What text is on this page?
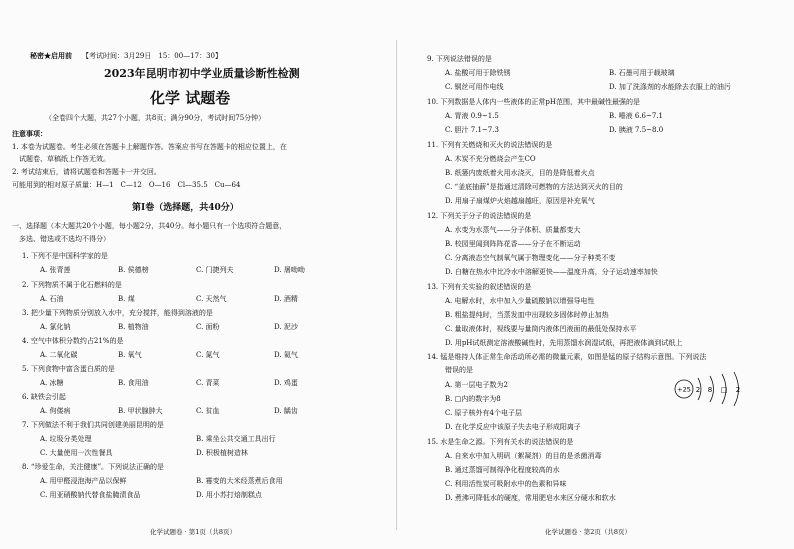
秘密★启用前 【考试时间：3月29日　15：00—17：30】
2023年昆明市初中学业质量诊断性检测
化学 试题卷
（全卷四个大题，共27个小题，共8页；满分90分，考试时间75分钟）
注意事项：
1. 本卷为试题卷。考生必须在答题卡上解题作答。答案应书写在答题卡的相应位置上，在
　试题卷、草稿纸上作答无效。
2. 考试结束后，请将试题卷和答题卡一并交回。
可能用到的相对原子质量：H—1　C—12　O—16　Cl—35.5　Cu—64
第Ⅰ卷（选择题，共40分）
一、选择题（本大题共20个小题，每小题2分，共40分。每小题只有一个选项符合题意，
　多选、错选或不选均不得分）
1. 下列不是中国科学家的是
A. 张青莲	B. 侯德榜	C. 门捷列夫	D. 屠呦呦
2. 下列物质不属于化石燃料的是
A. 石油	B. 煤	C. 天然气	D. 酒精
3. 把少量下列物质分别放入水中，充分搅拌，能得到溶液的是
A. 氯化钠	B. 植物油	C. 面粉	D. 泥沙
4. 空气中体积分数约占21%的是
A. 二氧化碳	B. 氧气	C. 氮气	D. 氦气
5. 下列食物中富含蛋白质的是
A. 冰糖	B. 食用油	C. 青菜	D. 鸡蛋
6. 缺铁会引起
A. 佝偻病	B. 甲状腺肿大	C. 贫血	D. 龋齿
7. 下列做法不利于我们共同创建美丽昆明的是
A. 垃圾分类处理	B. 乘坐公共交通工具出行
C. 大量使用一次性餐具	D. 积极植树造林
8. “珍爱生命，关注健康”。下列说法正确的是
A. 用甲醛浸泡海产品以保鲜	B. 霉变的大米经蒸煮后食用
C. 用亚硝酸钠代替食盐腌渍食品	D. 用小苏打焙制糕点
化学试题卷 · 第1页（共8页）
9. 下列说法错误的是
A. 盐酸可用于除铁锈	B. 石墨可用于载玻璃
C. 铜丝可用作电线	D. 加了洗涤剂的水能除去衣服上的油污
10. 下列数据是人体内一些液体的正常pH范围，其中最碱性最强的是
A. 胃液 0.9~1.5	B. 唾液 6.6~7.1
C. 胆汁 7.1~7.3	D. 胰液 7.5~8.0
11. 下列有关燃烧和灭火的说法错误的是
A. 木炭不充分燃烧会产生CO
B. 纸篓内废纸着火用水浇灭，目的是降低着火点
C. “釜底抽薪”是指通过清除可燃物的方法达到灭火的目的
D. 用扇子扇煤炉火焰越扇越旺，原因是补充氧气
12. 下列关于分子的说法错误的是
A. 水变为水蒸气——分子体积、质量都变大
B. 校园里闻到阵阵花香——分子在不断运动
C. 分离液态空气制氧气属于物理变化——分子种类不变
D. 白糖在热水中比冷水中溶解更快——温度升高，分子运动速率加快
13. 下列有关实验的叙述错误的是
A. 电解水时，水中加入少量硫酸钠以增强导电性
B. 粗盐提纯时，当蒸发皿中出现较多固体时停止加热
C. 量取液体时，视线要与量筒内液体凹液面的最低处保持水平
D. 用pH试纸测定溶液酸碱性时，先用蒸馏水润湿试纸，再把液体滴到试纸上
14. 锰是维持人体正常生命活动所必需的微量元素，如图是锰的原子结构示意图。下列说法
错误的是
A. 第一层电子数为2
B. □内的数字为8
C. 原子核外有4个电子层
D. 在化学反应中该原子失去电子形成阳离子
15. 水是生命之源。下列有关水的说法错误的是
A. 自来水中加入明矾（絮凝剂）的目的是杀菌消毒
B. 通过蒸馏可制得净化程度较高的水
C. 利用活性炭可吸附水中的色素和异味
D. 煮沸可降低水的硬度，常用肥皂水来区分硬水和软水
化学试题卷 · 第2页（共8页）
+25 2 8 □ 2
